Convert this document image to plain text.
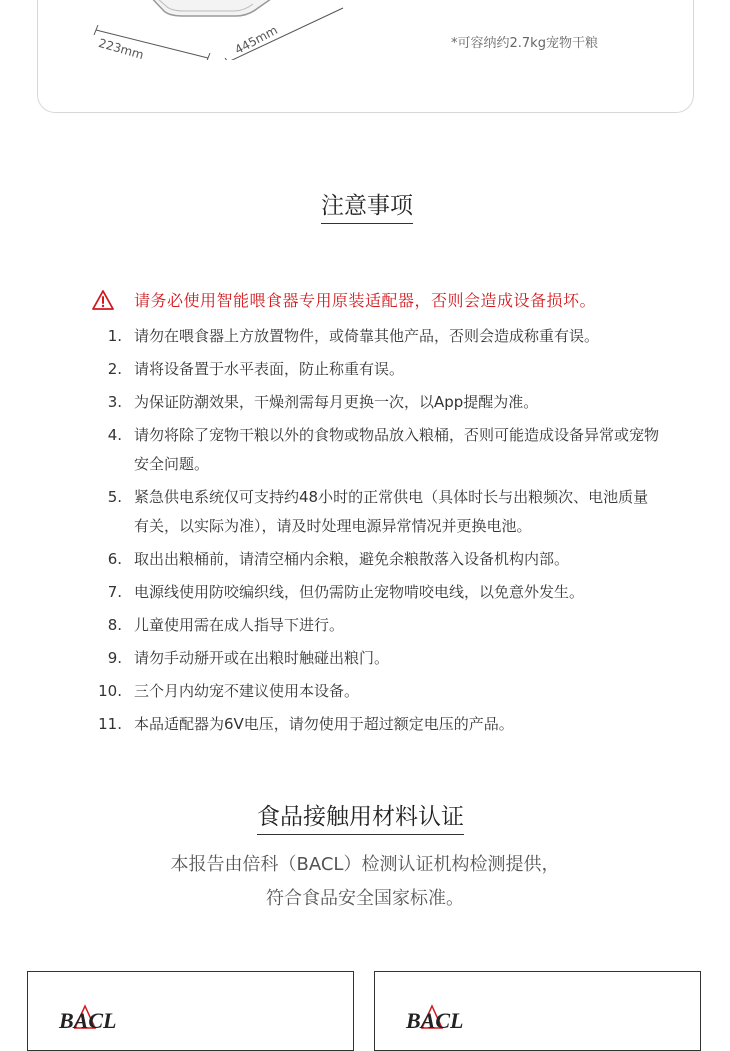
223mm	445mm	*可容纳约2.7kg宠物干粮
注意事项
请务必使用智能喂食器专用原装适配器，否则会造成设备损坏。
1. 请勿在喂食器上方放置物件，或倚靠其他产品，否则会造成称重有误。
2. 请将设备置于水平表面，防止称重有误。
3. 为保证防潮效果，干燥剂需每月更换一次，以App提醒为准。
4. 请勿将除了宠物干粮以外的食物或物品放入粮桶，否则可能造成设备异常或宠物安全问题。
5. 紧急供电系统仅可支持约48小时的正常供电（具体时长与出粮频次、电池质量有关，以实际为准），请及时处理电源异常情况并更换电池。
6. 取出出粮桶前，请清空桶内余粮，避免余粮散落入设备机构内部。
7. 电源线使用防咬编织线，但仍需防止宠物啃咬电线，以免意外发生。
8. 儿童使用需在成人指导下进行。
9. 请勿手动掰开或在出粮时触碰出粮门。
10. 三个月内幼宠不建议使用本设备。
11. 本品适配器为6V电压，请勿使用于超过额定电压的产品。
食品接触用材料认证
本报告由倍科（BACL）检测认证机构检测提供，
符合食品安全国家标准。
BACL	BACL
